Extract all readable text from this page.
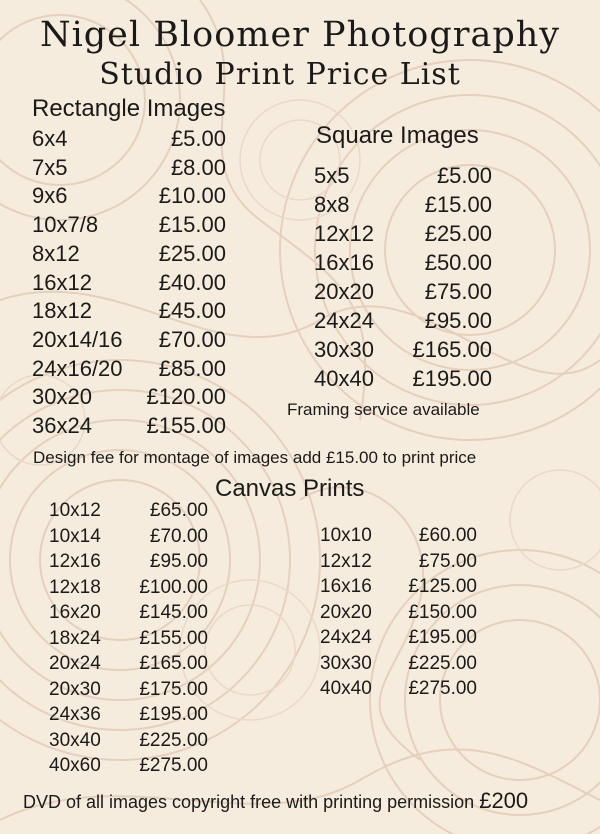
Nigel Bloomer Photography
Studio Print Price List
Rectangle Images
6x4	£5.00
7x5	£8.00
9x6	£10.00
10x7/8	£15.00
8x12	£25.00
16x12	£40.00
18x12	£45.00
20x14/16 £70.00
24x16/20 £85.00
30x20 £120.00
36x24 £155.00
Square Images
5x5	£5.00
8x8	£15.00
12x12 £25.00
16x16 £50.00
20x20 £75.00
24x24 £95.00
30x30 £165.00
40x40 £195.00
Framing service available
Design fee for montage of images add £15.00 to print price
Canvas Prints
10x12	£65.00
10x14	£70.00
12x16	£95.00
12x18 £100.00
16x20 £145.00
18x24 £155.00
20x24 £165.00
20x30 £175.00
24x36 £195.00
30x40 £225.00
40x60 £275.00
10x10 £60.00
12x12 £75.00
16x16 £125.00
20x20 £150.00
24x24 £195.00
30x30 £225.00
40x40 £275.00
DVD of all images copyright free with printing permission £200
